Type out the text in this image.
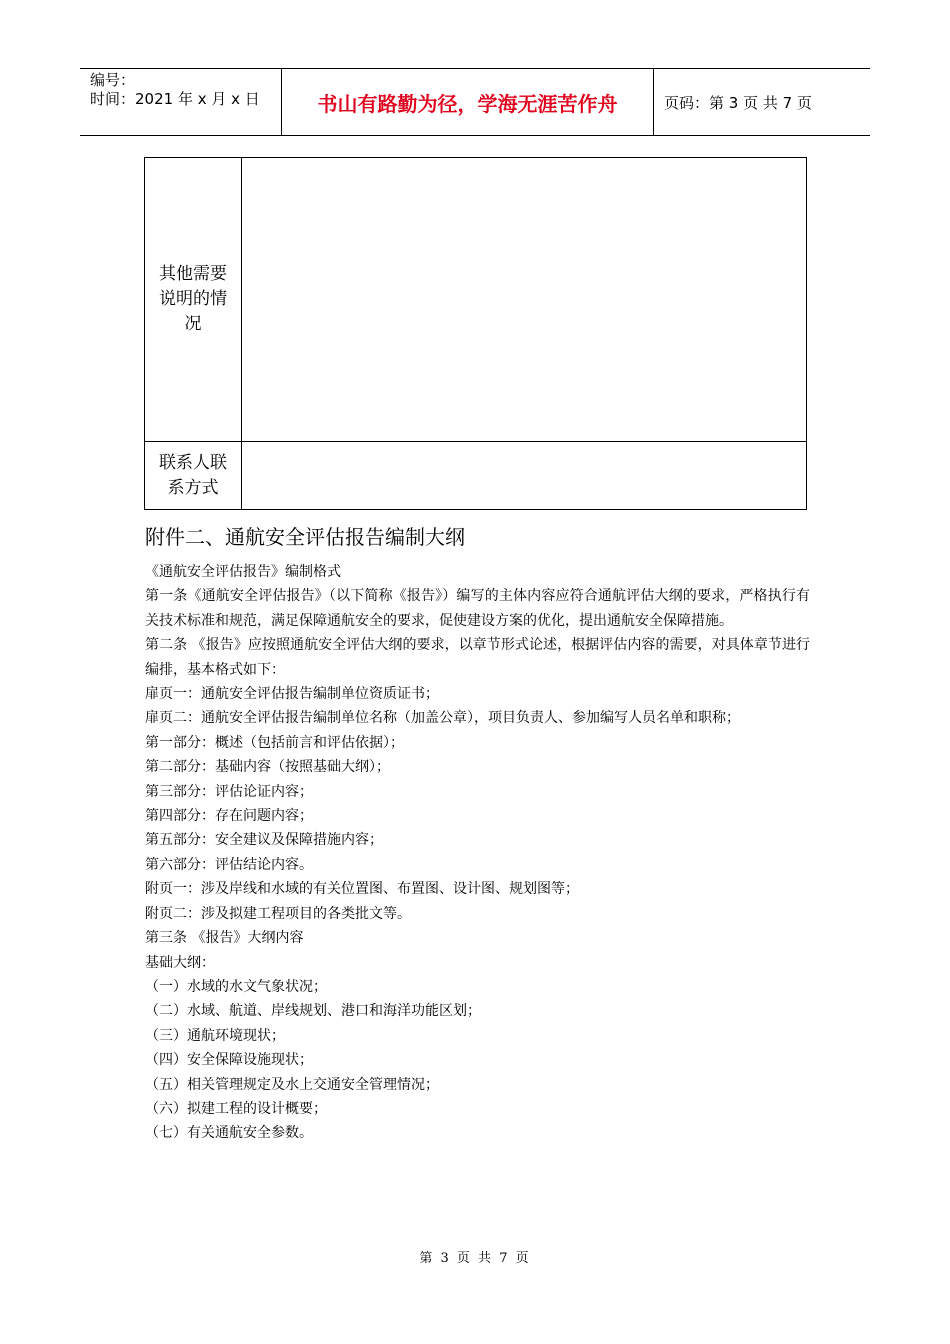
编号：
时间：2021 年 x 月 x 日	书山有路勤为径，学海无涯苦作舟	页码：第 3 页 共 7 页
其他需要说明的情况	

联系人联系方式	

附件二、通航安全评估报告编制大纲

《通航安全评估报告》编制格式

第一条《通航安全评估报告》（以下简称《报告》）编写的主体内容应符合通航评估大纲的要求，严格执行有关技术标准和规范，满足保障通航安全的要求，促使建设方案的优化，提出通航安全保障措施。

第二条 《报告》应按照通航安全评估大纲的要求，以章节形式论述，根据评估内容的需要，对具体章节进行编排，基本格式如下：

扉页一：通航安全评估报告编制单位资质证书；

扉页二：通航安全评估报告编制单位名称（加盖公章），项目负责人、参加编写人员名单和职称；

第一部分：概述（包括前言和评估依据）；

第二部分：基础内容（按照基础大纲）；

第三部分：评估论证内容；

第四部分：存在问题内容；

第五部分：安全建议及保障措施内容；

第六部分：评估结论内容。

附页一：涉及岸线和水域的有关位置图、布置图、设计图、规划图等；

附页二：涉及拟建工程项目的各类批文等。

第三条 《报告》大纲内容

基础大纲：

（一）水域的水文气象状况；

（二）水域、航道、岸线规划、港口和海洋功能区划；

（三）通航环境现状；

（四）安全保障设施现状；

（五）相关管理规定及水上交通安全管理情况；

（六）拟建工程的设计概要；

（七）有关通航安全参数。

第 3 页 共 7 页
